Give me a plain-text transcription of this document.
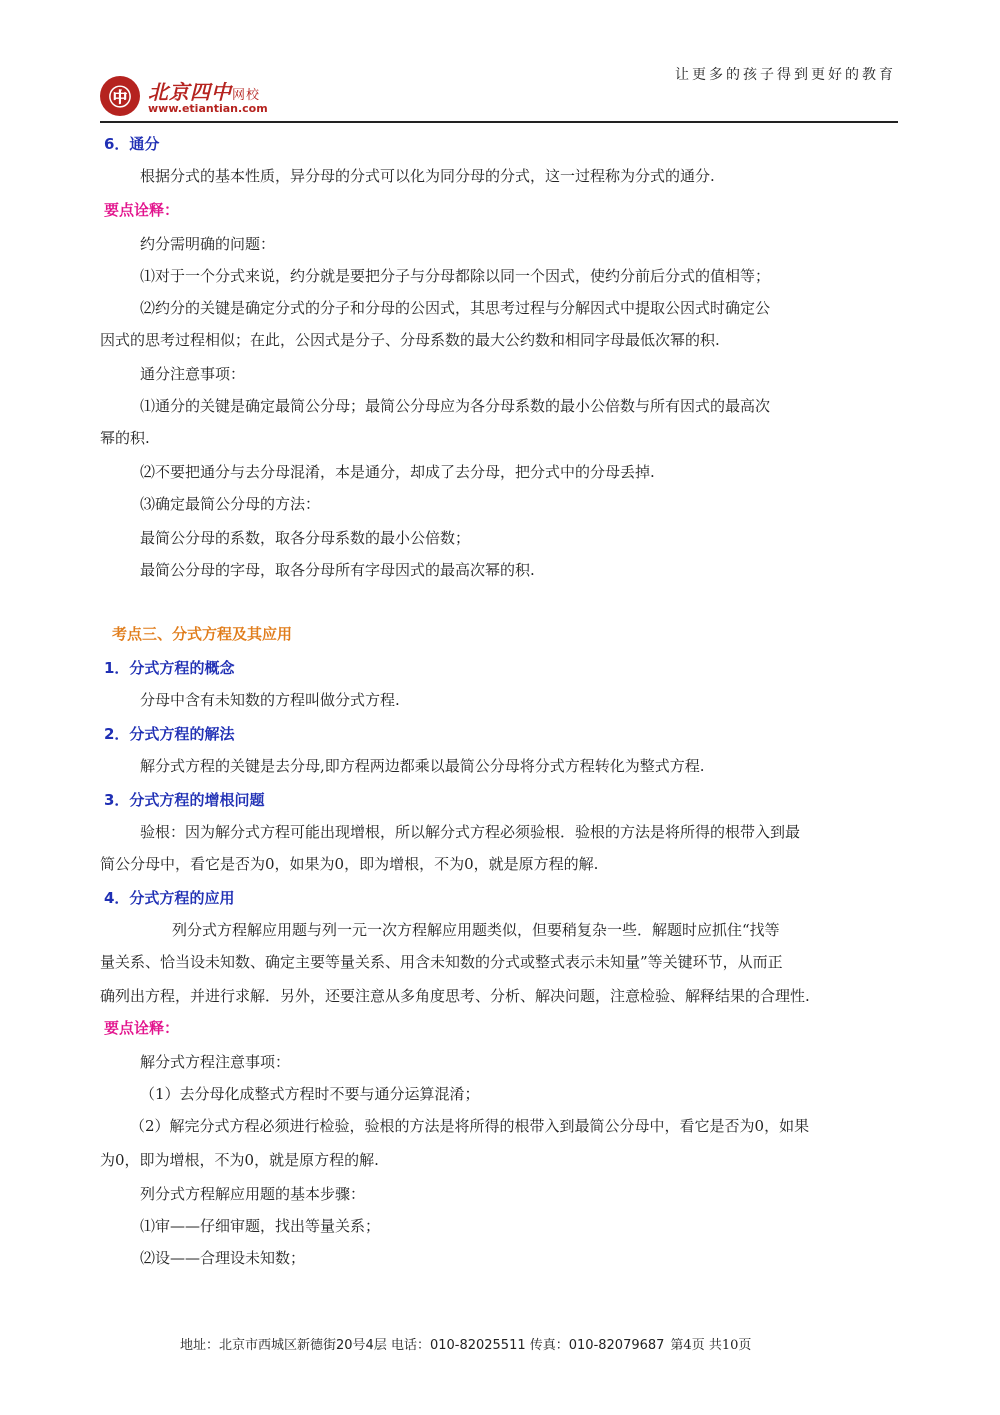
㊥ 北京四中网校
www.etiantian.com
让更多的孩子得到更好的教育
6．通分
根据分式的基本性质，异分母的分式可以化为同分母的分式，这一过程称为分式的通分.
要点诠释：
约分需明确的问题：
⑴对于一个分式来说，约分就是要把分子与分母都除以同一个因式，使约分前后分式的值相等；
⑵约分的关键是确定分式的分子和分母的公因式，其思考过程与分解因式中提取公因式时确定公
因式的思考过程相似；在此，公因式是分子、分母系数的最大公约数和相同字母最低次幂的积.
通分注意事项：
⑴通分的关键是确定最简公分母；最简公分母应为各分母系数的最小公倍数与所有因式的最高次
幂的积.
⑵不要把通分与去分母混淆，本是通分，却成了去分母，把分式中的分母丢掉.
⑶确定最简公分母的方法：
最简公分母的系数，取各分母系数的最小公倍数；
最简公分母的字母，取各分母所有字母因式的最高次幂的积.
考点三、分式方程及其应用
1．分式方程的概念
分母中含有未知数的方程叫做分式方程.
2．分式方程的解法
解分式方程的关键是去分母,即方程两边都乘以最简公分母将分式方程转化为整式方程.
3．分式方程的增根问题
验根：因为解分式方程可能出现增根，所以解分式方程必须验根．验根的方法是将所得的根带入到最
简公分母中，看它是否为0，如果为0，即为增根，不为0，就是原方程的解.
4．分式方程的应用
列分式方程解应用题与列一元一次方程解应用题类似，但要稍复杂一些．解题时应抓住“找等
量关系、恰当设未知数、确定主要等量关系、用含未知数的分式或整式表示未知量”等关键环节，从而正
确列出方程，并进行求解．另外，还要注意从多角度思考、分析、解决问题，注意检验、解释结果的合理性.
要点诠释：
解分式方程注意事项：
（1）去分母化成整式方程时不要与通分运算混淆；
（2）解完分式方程必须进行检验，验根的方法是将所得的根带入到最简公分母中，看它是否为0，如果
为0，即为增根，不为0，就是原方程的解.
列分式方程解应用题的基本步骤：
⑴审——仔细审题，找出等量关系；
⑵设——合理设未知数；
地址：北京市西城区新德街20号4层 电话：010-82025511 传真：010-82079687 第4页 共10页
